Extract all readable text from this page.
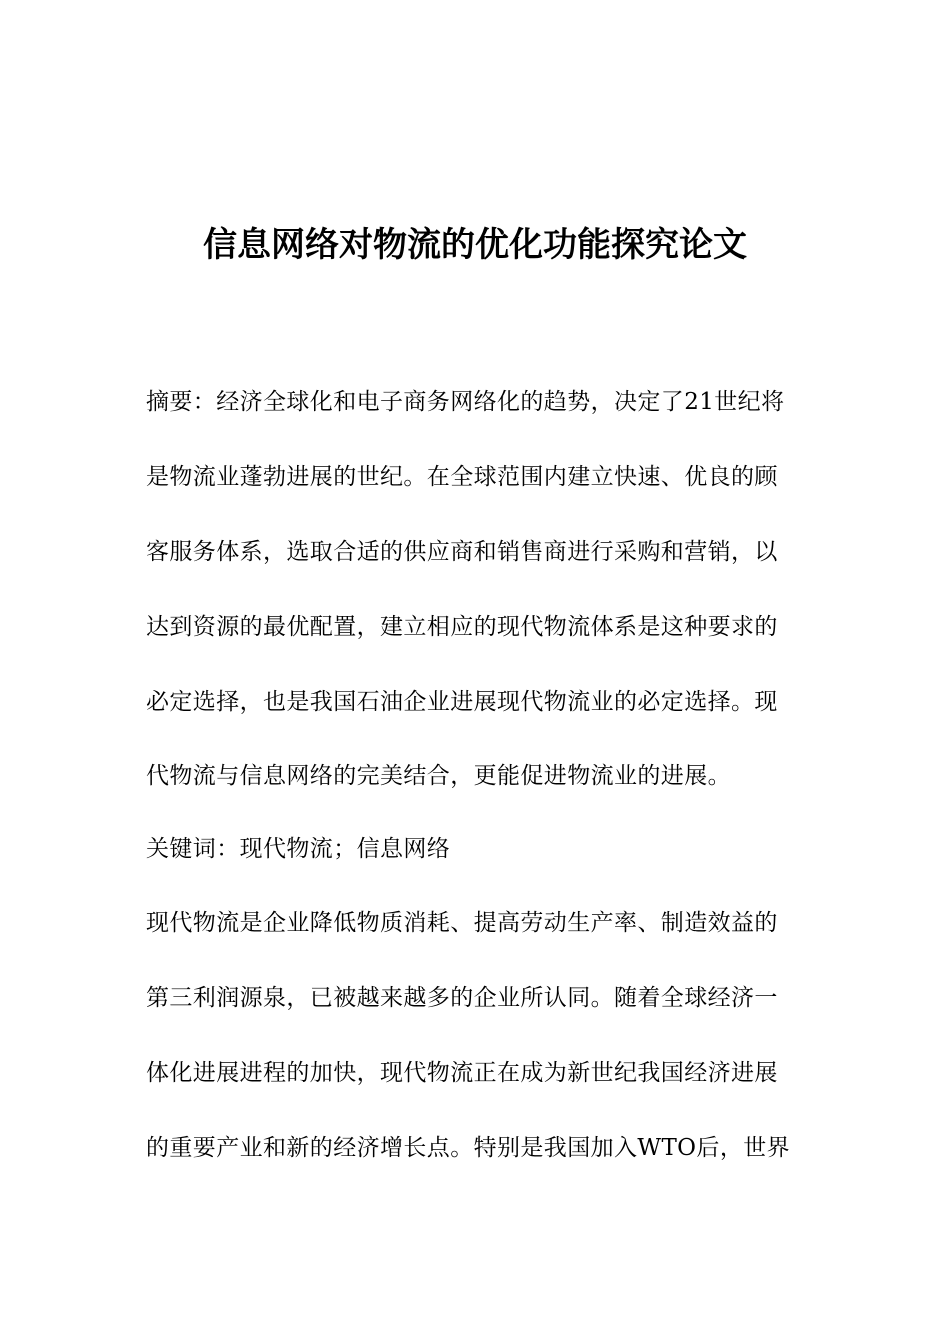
信息网络对物流的优化功能探究论文
摘要：经济全球化和电子商务网络化的趋势，决定了21世纪将
是物流业蓬勃进展的世纪。在全球范围内建立快速、优良的顾
客服务体系，选取合适的供应商和销售商进行采购和营销，以
达到资源的最优配置，建立相应的现代物流体系是这种要求的
必定选择，也是我国石油企业进展现代物流业的必定选择。现
代物流与信息网络的完美结合，更能促进物流业的进展。
关键词：现代物流；信息网络
现代物流是企业降低物质消耗、提高劳动生产率、制造效益的
第三利润源泉，已被越来越多的企业所认同。随着全球经济一
体化进展进程的加快，现代物流正在成为新世纪我国经济进展
的重要产业和新的经济增长点。特别是我国加入WTO后，世界
